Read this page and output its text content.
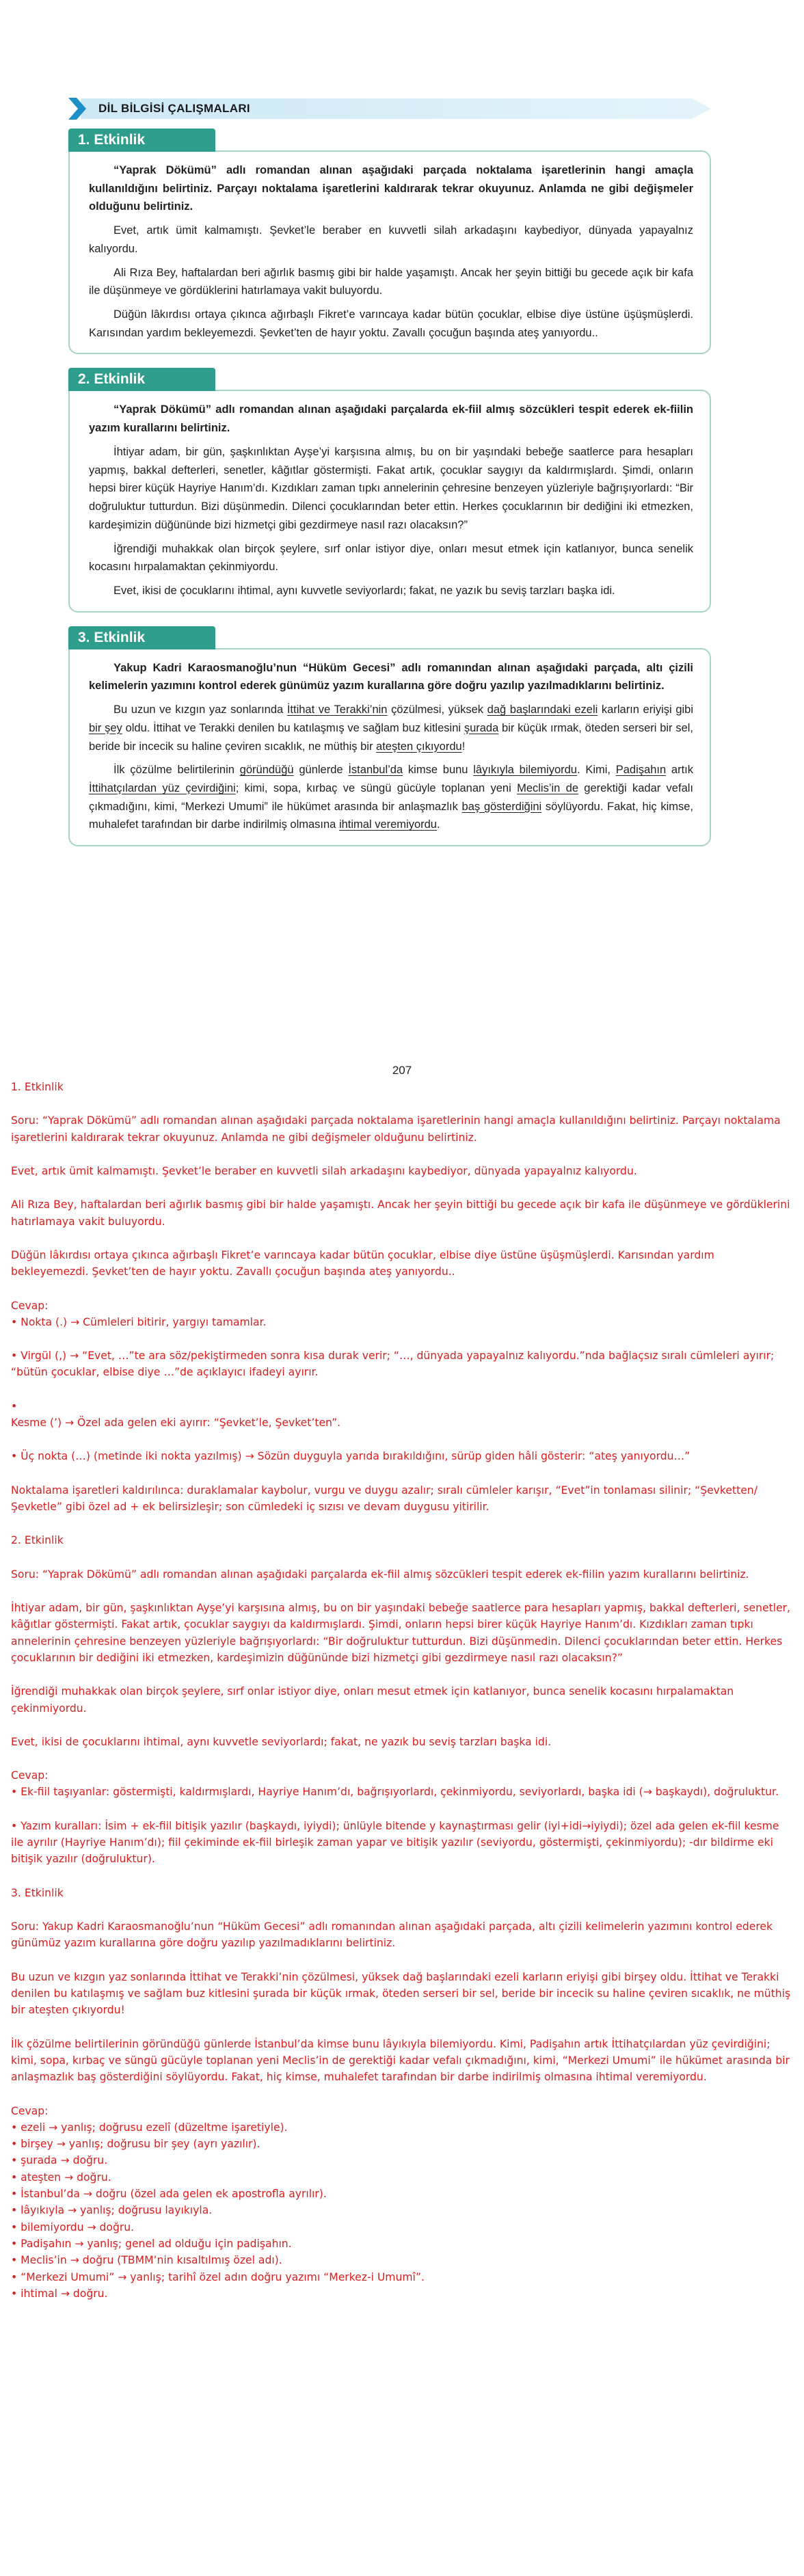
DİL BİLGİSİ ÇALIŞMALARI
1. Etkinlik

“Yaprak Dökümü” adlı romandan alınan aşağıdaki parçada noktalama işaretlerinin hangi amaçla kullanıldığını belirtiniz. Parçayı noktalama işaretlerini kaldırarak tekrar okuyunuz. Anlamda ne gibi değişmeler olduğunu belirtiniz.

Evet, artık ümit kalmamıştı. Şevket’le beraber en kuvvetli silah arkadaşını kaybediyor, dünyada yapayalnız kalıyordu.

Ali Rıza Bey, haftalardan beri ağırlık basmış gibi bir halde yaşamıştı. Ancak her şeyin bittiği bu gecede açık bir kafa ile düşünmeye ve gördüklerini hatırlamaya vakit buluyordu.

Düğün lâkırdısı ortaya çıkınca ağırbaşlı Fikret’e varıncaya kadar bütün çocuklar, elbise diye üstüne üşüşmüşlerdi. Karısından yardım bekleyemezdi. Şevket’ten de hayır yoktu. Zavallı çocuğun başında ateş yanıyordu..

2. Etkinlik

“Yaprak Dökümü” adlı romandan alınan aşağıdaki parçalarda ek-fiil almış sözcükleri tespit ederek ek-fiilin yazım kurallarını belirtiniz.

İhtiyar adam, bir gün, şaşkınlıktan Ayşe’yi karşısına almış, bu on bir yaşındaki bebeğe saatlerce para hesapları yapmış, bakkal defterleri, senetler, kâğıtlar göstermişti. Fakat artık, çocuklar saygıyı da kaldırmışlardı. Şimdi, onların hepsi birer küçük Hayriye Hanım’dı. Kızdıkları zaman tıpkı annelerinin çehresine benzeyen yüzleriyle bağrışıyorlardı: “Bir doğruluktur tutturdun. Bizi düşünmedin. Dilenci çocuklarından beter ettin. Herkes çocuklarının bir dediğini iki etmezken, kardeşimizin düğününde bizi hizmetçi gibi gezdirmeye nasıl razı olacaksın?”

İğrendiği muhakkak olan birçok şeylere, sırf onlar istiyor diye, onları mesut etmek için katlanıyor, bunca senelik kocasını hırpalamaktan çekinmiyordu.

Evet, ikisi de çocuklarını ihtimal, aynı kuvvetle seviyorlardı; fakat, ne yazık bu seviş tarzları başka idi.

3. Etkinlik

Yakup Kadri Karaosmanoğlu’nun “Hüküm Gecesi” adlı romanından alınan aşağıdaki parçada, altı çizili kelimelerin yazımını kontrol ederek günümüz yazım kurallarına göre doğru yazılıp yazılmadıklarını belirtiniz.

Bu uzun ve kızgın yaz sonlarında İttihat ve Terakki’nin çözülmesi, yüksek dağ başlarındaki ezeli karların eriyişi gibi bir şey oldu. İttihat ve Terakki denilen bu katılaşmış ve sağlam buz kitlesini şurada bir küçük ırmak, öteden serseri bir sel, beride bir incecik su haline çeviren sıcaklık, ne müthiş bir ateşten çıkıyordu!

İlk çözülme belirtilerinin göründüğü günlerde İstanbul’da kimse bunu lâyıkıyla bilemiyordu. Kimi, Padişahın artık İttihatçılardan yüz çevirdiğini; kimi, sopa, kırbaç ve süngü gücüyle toplanan yeni Meclis’in de gerektiği kadar vefalı çıkmadığını, kimi, “Merkezi Umumi” ile hükümet arasında bir anlaşmazlık baş gösterdiğini söylüyordu. Fakat, hiç kimse, muhalefet tarafından bir darbe indirilmiş olmasına ihtimal veremiyordu.

207
1. Etkinlik

Soru: “Yaprak Dökümü” adlı romandan alınan aşağıdaki parçada noktalama işaretlerinin hangi amaçla kullanıldığını belirtiniz. Parçayı noktalama işaretlerini kaldırarak tekrar okuyunuz. Anlamda ne gibi değişmeler olduğunu belirtiniz.

Evet, artık ümit kalmamıştı. Şevket’le beraber en kuvvetli silah arkadaşını kaybediyor, dünyada yapayalnız kalıyordu.

Ali Rıza Bey, haftalardan beri ağırlık basmış gibi bir halde yaşamıştı. Ancak her şeyin bittiği bu gecede açık bir kafa ile düşünmeye ve gördüklerini hatırlamaya vakit buluyordu.

Düğün lâkırdısı ortaya çıkınca ağırbaşlı Fikret’e varıncaya kadar bütün çocuklar, elbise diye üstüne üşüşmüşlerdi. Karısından yardım bekleyemezdi. Şevket’ten de hayır yoktu. Zavallı çocuğun başında ateş yanıyordu..

Cevap:
• Nokta (.) → Cümleleri bitirir, yargıyı tamamlar.
• Virgül (,) → “Evet, …”te ara söz/pekiştirmeden sonra kısa durak verir; “…, dünyada yapayalnız kalıyordu.”nda bağlaçsız sıralı cümleleri ayırır; “bütün çocuklar, elbise diye …”de açıklayıcı ifadeyi ayırır.
•
Kesme (’) → Özel ada gelen eki ayırır: “Şevket’le, Şevket’ten”.
• Üç nokta (…) (metinde iki nokta yazılmış) → Sözün duyguyla yarıda bırakıldığını, sürüp giden hâli gösterir: “ateş yanıyordu…”

Noktalama işaretleri kaldırılınca: duraklamalar kaybolur, vurgu ve duygu azalır; sıralı cümleler karışır, “Evet”in tonlaması silinir; “Şevketten/Şevketle” gibi özel ad + ek belirsizleşir; son cümledeki iç sızısı ve devam duygusu yitirilir.

2. Etkinlik

Soru: “Yaprak Dökümü” adlı romandan alınan aşağıdaki parçalarda ek-fiil almış sözcükleri tespit ederek ek-fiilin yazım kurallarını belirtiniz.

İhtiyar adam, bir gün, şaşkınlıktan Ayşe’yi karşısına almış, bu on bir yaşındaki bebeğe saatlerce para hesapları yapmış, bakkal defterleri, senetler, kâğıtlar göstermişti. Fakat artık, çocuklar saygıyı da kaldırmışlardı. Şimdi, onların hepsi birer küçük Hayriye Hanım’dı. Kızdıkları zaman tıpkı annelerinin çehresine benzeyen yüzleriyle bağrışıyorlardı: “Bir doğruluktur tutturdun. Bizi düşünmedin. Dilenci çocuklarından beter ettin. Herkes çocuklarının bir dediğini iki etmezken, kardeşimizin düğününde bizi hizmetçi gibi gezdirmeye nasıl razı olacaksın?”

İğrendiği muhakkak olan birçok şeylere, sırf onlar istiyor diye, onları mesut etmek için katlanıyor, bunca senelik kocasını hırpalamaktan çekinmiyordu.

Evet, ikisi de çocuklarını ihtimal, aynı kuvvetle seviyorlardı; fakat, ne yazık bu seviş tarzları başka idi.

Cevap:
• Ek-fiil taşıyanlar: göstermişti, kaldırmışlardı, Hayriye Hanım’dı, bağrışıyorlardı, çekinmiyordu, seviyorlardı, başka idi (→ başkaydı), doğruluktur.
• Yazım kuralları: İsim + ek-fiil bitişik yazılır (başkaydı, iyiydi); ünlüyle bitende y kaynaştırması gelir (iyi+idi→iyiydi); özel ada gelen ek-fiil kesme ile ayrılır (Hayriye Hanım’dı); fiil çekiminde ek-fiil birleşik zaman yapar ve bitişik yazılır (seviyordu, göstermişti, çekinmiyordu); -dır bildirme eki bitişik yazılır (doğruluktur).
3. Etkinlik

Soru: Yakup Kadri Karaosmanoğlu’nun “Hüküm Gecesi” adlı romanından alınan aşağıdaki parçada, altı çizili kelimelerin yazımını kontrol ederek günümüz yazım kurallarına göre doğru yazılıp yazılmadıklarını belirtiniz.

Bu uzun ve kızgın yaz sonlarında İttihat ve Terakki’nin çözülmesi, yüksek dağ başlarındaki ezeli karların eriyişi gibi birşey oldu. İttihat ve Terakki denilen bu katılaşmış ve sağlam buz kitlesini şurada bir küçük ırmak, öteden serseri bir sel, beride bir incecik su haline çeviren sıcaklık, ne müthiş bir ateşten çıkıyordu!

İlk çözülme belirtilerinin göründüğü günlerde İstanbul’da kimse bunu lâyıkıyla bilemiyordu. Kimi, Padişahın artık İttihatçılardan yüz çevirdiğini; kimi, sopa, kırbaç ve süngü gücüyle toplanan yeni Meclis’in de gerektiği kadar vefalı çıkmadığını, kimi, “Merkezi Umumi” ile hükümet arasında bir anlaşmazlık baş gösterdiğini söylüyordu. Fakat, hiç kimse, muhalefet tarafından bir darbe indirilmiş olmasına ihtimal veremiyordu.

Cevap:
• ezeli → yanlış; doğrusu ezelî (düzeltme işaretiyle).
• birşey → yanlış; doğrusu bir şey (ayrı yazılır).
• şurada → doğru.
• ateşten → doğru.
• İstanbul’da → doğru (özel ada gelen ek apostrofla ayrılır).
• lâyıkıyla → yanlış; doğrusu layıkıyla.
• bilemiyordu → doğru.
• Padişahın → yanlış; genel ad olduğu için padişahın.
• Meclis’in → doğru (TBMM’nin kısaltılmış özel adı).
• “Merkezi Umumi” → yanlış; tarihî özel adın doğru yazımı “Merkez-i Umumî”.
• ihtimal → doğru.
